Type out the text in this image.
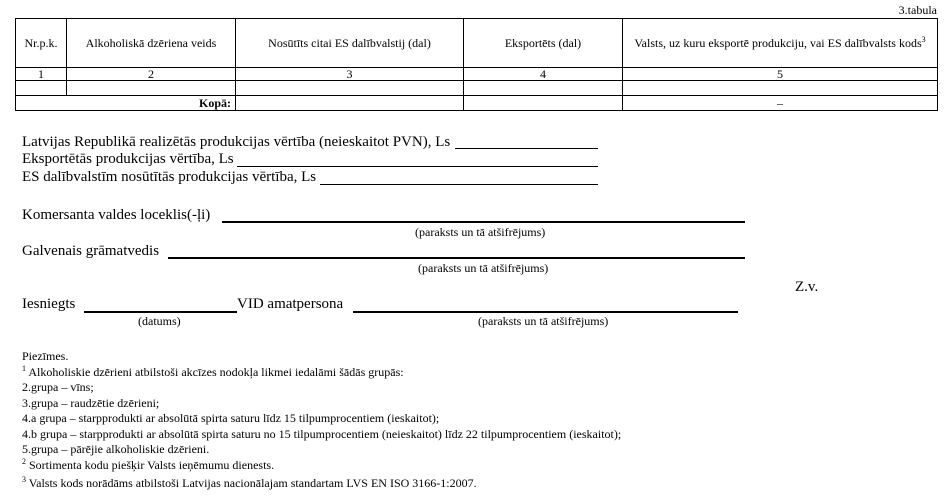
3.tabula
Nr.p.k.	Alkoholiskā dzēriena veids	Nosūtīts citai ES dalībvalstij (dal)	Eksportēts (dal)	Valsts, uz kuru eksportē produkciju, vai ES dalībvalsts kods$^3$
1	2	3	4	5

Kopā:				–
Latvijas Republikā realizētās produkcijas vērtība (neieskaitot PVN), Ls
Eksportētās produkcijas vērtība, Ls
ES dalībvalstīm nosūtītās produkcijas vērtība, Ls
Komersanta valdes loceklis(-ļi)
(paraksts un tā atšifrējums)
Galvenais grāmatvedis
(paraksts un tā atšifrējums)
Z.v.
Iesniegts	VID amatpersona
(datums)	(paraksts un tā atšifrējums)
Piezīmes.
$^1$ Alkoholiskie dzērieni atbilstoši akcīzes nodokļa likmei iedalāmi šādās grupās:
2.grupa – vīns;
3.grupa – raudzētie dzērieni;
4.a grupa – starpprodukti ar absolūtā spirta saturu līdz 15 tilpumprocentiem (ieskaitot);
4.b grupa – starpprodukti ar absolūtā spirta saturu no 15 tilpumprocentiem (neieskaitot) līdz 22 tilpumprocentiem (ieskaitot);
5.grupa – pārējie alkoholiskie dzērieni.
$^2$ Sortimenta kodu piešķir Valsts ieņēmumu dienests.
$^3$ Valsts kods norādāms atbilstoši Latvijas nacionālajam standartam LVS EN ISO 3166-1:2007.
